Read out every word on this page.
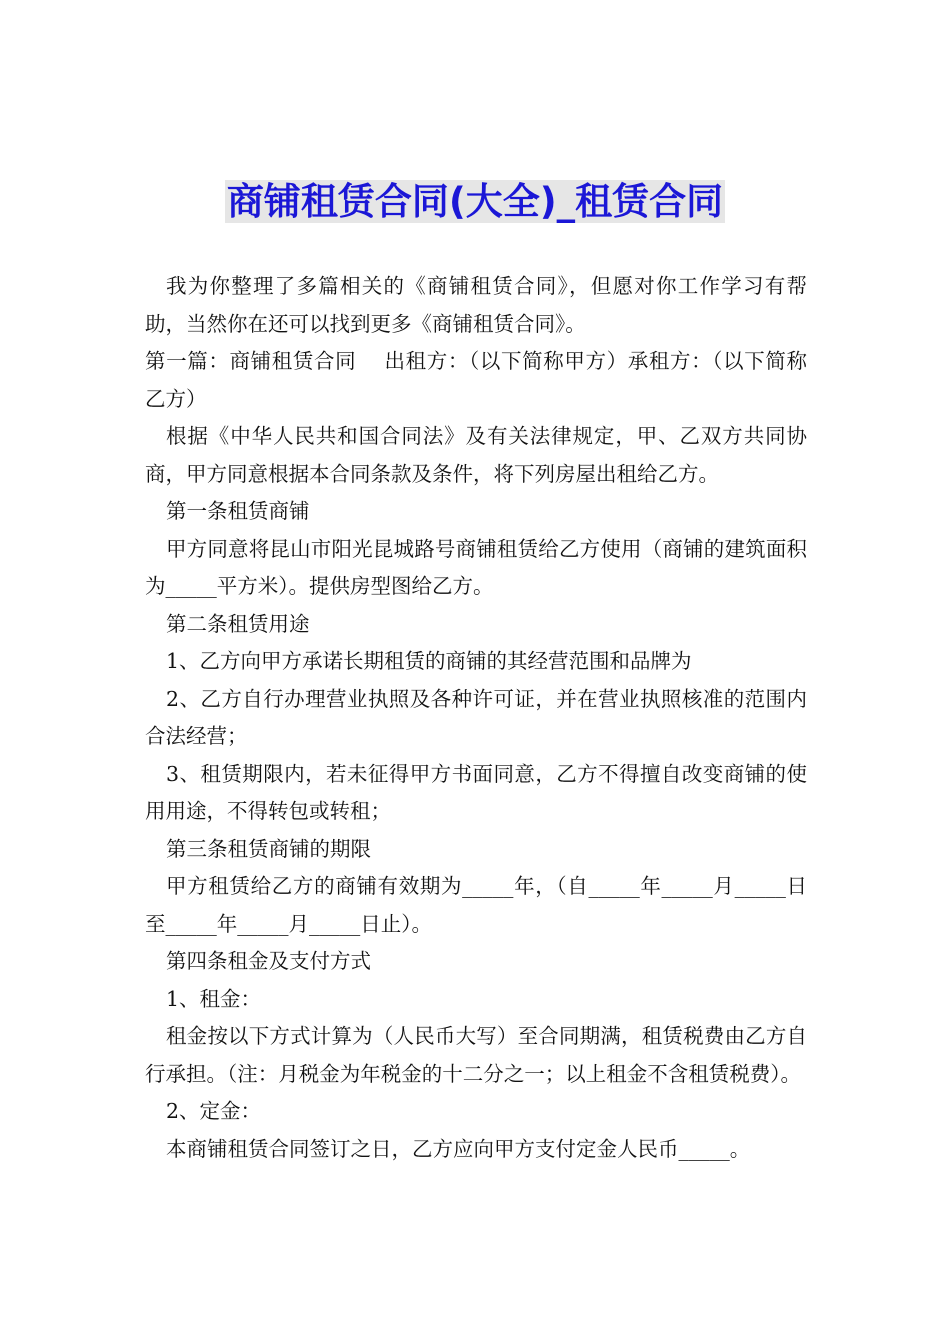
商铺租赁合同(大全)_租赁合同

我为你整理了多篇相关的《商铺租赁合同》，但愿对你工作学习有帮助，当然你在还可以找到更多《商铺租赁合同》。

第一篇：商铺租赁合同　 出租方：（以下简称甲方）承租方：（以下简称乙方）

根据《中华人民共和国合同法》及有关法律规定，甲、乙双方共同协商，甲方同意根据本合同条款及条件，将下列房屋出租给乙方。

第一条租赁商铺

甲方同意将昆山市阳光昆城路号商铺租赁给乙方使用（商铺的建筑面积为_____平方米）。提供房型图给乙方。

第二条租赁用途

1、乙方向甲方承诺长期租赁的商铺的其经营范围和品牌为

2、乙方自行办理营业执照及各种许可证，并在营业执照核准的范围内合法经营；

3、租赁期限内，若未征得甲方书面同意，乙方不得擅自改变商铺的使用用途，不得转包或转租；

第三条租赁商铺的期限

甲方租赁给乙方的商铺有效期为_____年，（自_____年_____月_____日至_____年_____月_____日止）。

第四条租金及支付方式

1、租金：

租金按以下方式计算为（人民币大写）至合同期满，租赁税费由乙方自行承担。（注：月税金为年税金的十二分之一；以上租金不含租赁税费）。

2、定金：

本商铺租赁合同签订之日，乙方应向甲方支付定金人民币_____。
